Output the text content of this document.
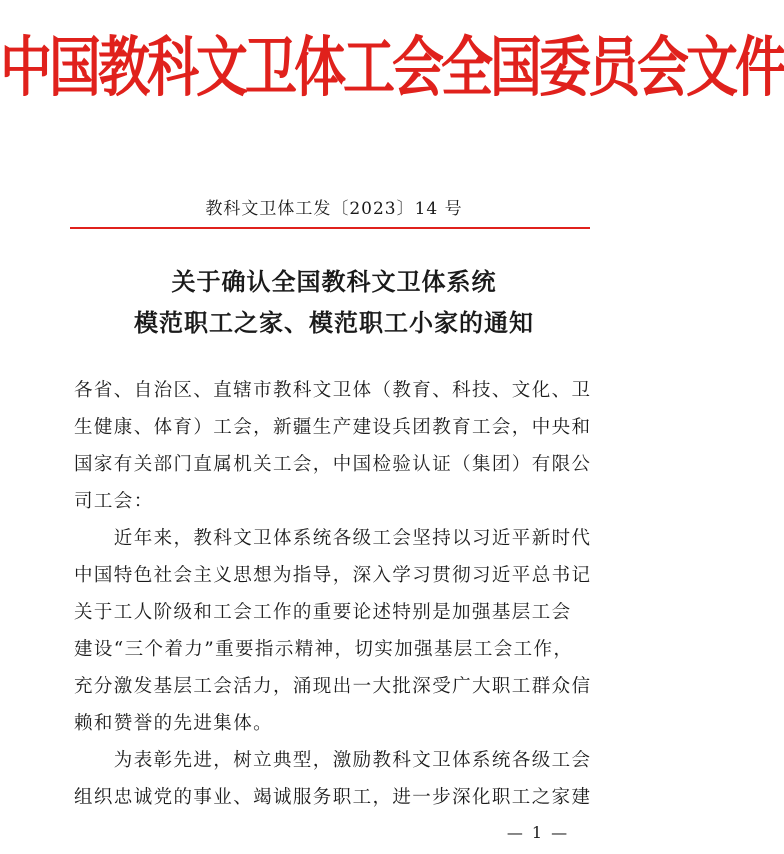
中国教科文卫体工会全国委员会文件
教科文卫体工发〔2023〕14 号
关于确认全国教科文卫体系统
模范职工之家、模范职工小家的通知
各省、自治区、直辖市教科文卫体（教育、科技、文化、卫
生健康、体育）工会，新疆生产建设兵团教育工会，中央和
国家有关部门直属机关工会，中国检验认证（集团）有限公
司工会：
　　近年来，教科文卫体系统各级工会坚持以习近平新时代
中国特色社会主义思想为指导，深入学习贯彻习近平总书记
关于工人阶级和工会工作的重要论述特别是加强基层工会
建设“三个着力”重要指示精神，切实加强基层工会工作，
充分激发基层工会活力，涌现出一大批深受广大职工群众信
赖和赞誉的先进集体。
　　为表彰先进，树立典型，激励教科文卫体系统各级工会
组织忠诚党的事业、竭诚服务职工，进一步深化职工之家建
— 1 —
